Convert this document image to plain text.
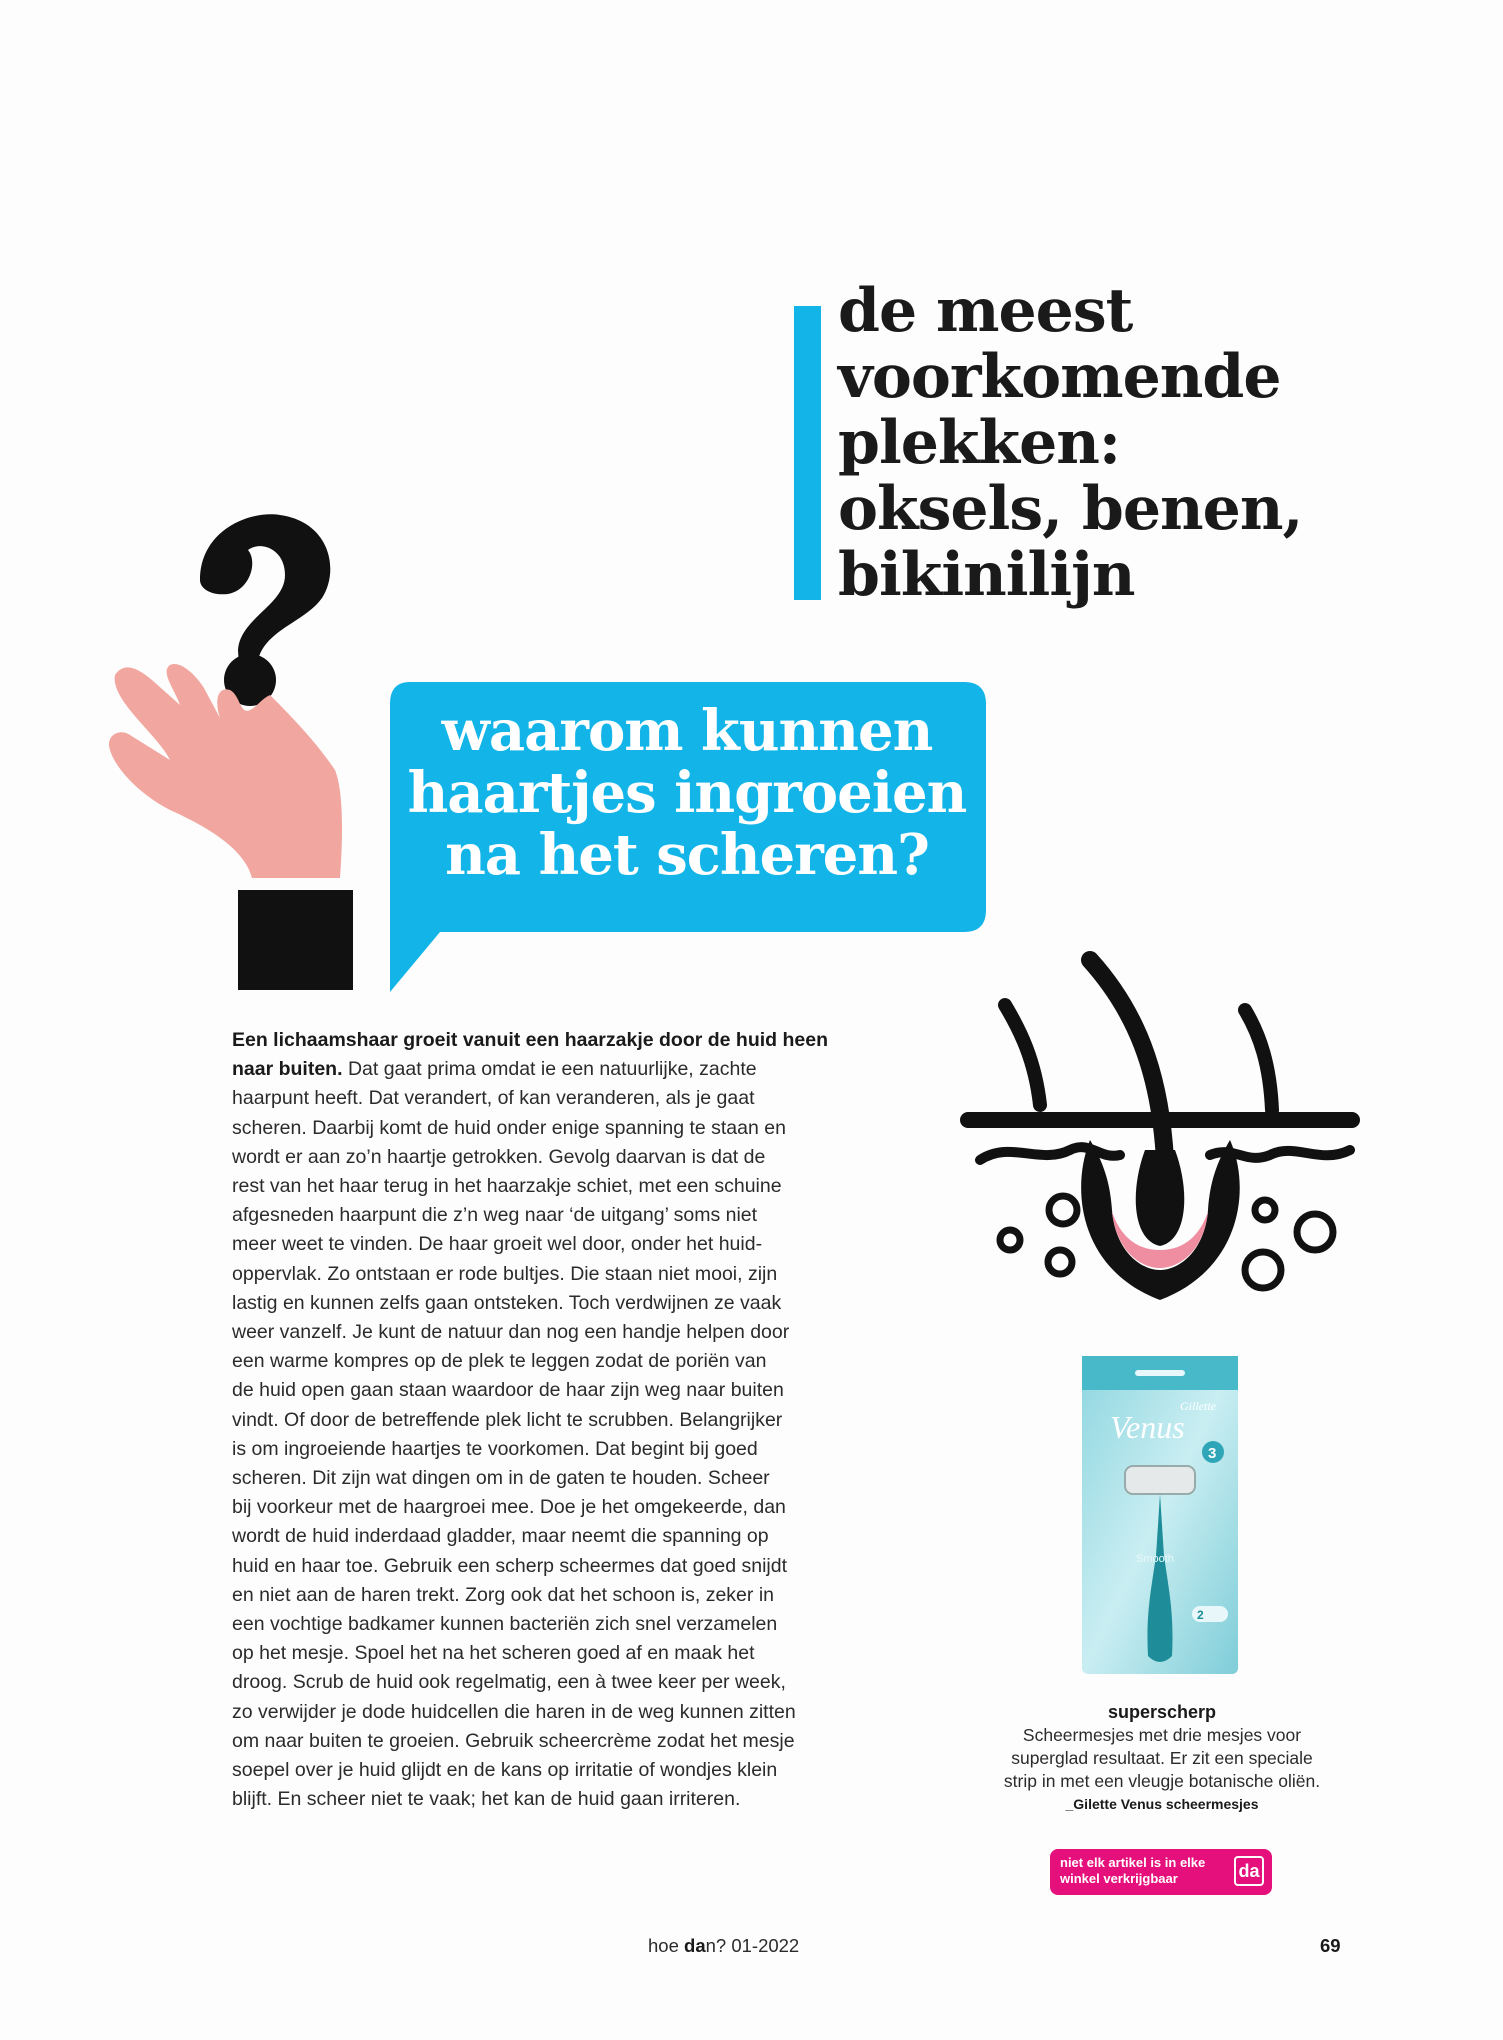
de meest
voorkomende
plekken:
oksels, benen,
bikinilijn
waarom kunnen
haartjes ingroeien
na het scheren?

Een lichaamshaar groeit vanuit een haarzakje door de huid heen
naar buiten. Dat gaat prima omdat ie een natuurlijke, zachte
haarpunt heeft. Dat verandert, of kan veranderen, als je gaat
scheren. Daarbij komt de huid onder enige spanning te staan en
wordt er aan zo’n haartje getrokken. Gevolg daarvan is dat de
rest van het haar terug in het haarzakje schiet, met een schuine
afgesneden haarpunt die z’n weg naar ‘de uitgang’ soms niet
meer weet te vinden. De haar groeit wel door, onder het huid-
oppervlak. Zo ontstaan er rode bultjes. Die staan niet mooi, zijn
lastig en kunnen zelfs gaan ontsteken. Toch verdwijnen ze vaak
weer vanzelf. Je kunt de natuur dan nog een handje helpen door
een warme kompres op de plek te leggen zodat de poriën van
de huid open gaan staan waardoor de haar zijn weg naar buiten
vindt. Of door de betreffende plek licht te scrubben. Belangrijker
is om ingroeiende haartjes te voorkomen. Dat begint bij goed
scheren. Dit zijn wat dingen om in de gaten te houden. Scheer
bij voorkeur met de haargroei mee. Doe je het omgekeerde, dan
wordt de huid inderdaad gladder, maar neemt die spanning op
huid en haar toe. Gebruik een scherp scheermes dat goed snijdt
en niet aan de haren trekt. Zorg ook dat het schoon is, zeker in
een vochtige badkamer kunnen bacteriën zich snel verzamelen
op het mesje. Spoel het na het scheren goed af en maak het
droog. Scrub de huid ook regelmatig, een à twee keer per week,
zo verwijder je dode huidcellen die haren in de weg kunnen zitten
om naar buiten te groeien. Gebruik scheercrème zodat het mesje
soepel over je huid glijdt en de kans op irritatie of wondjes klein
blijft. En scheer niet te vaak; het kan de huid gaan irriteren.

Gillette
Venus
3
Smooth
2
superscherp
Scheermesjes met drie mesjes voor
superglad resultaat. Er zit een speciale
strip in met een vleugje botanische oliën.
_Gilette Venus scheermesjes
niet elk artikel is in elke
winkel verkrijgbaar	da
hoe dan? 01-2022	69
